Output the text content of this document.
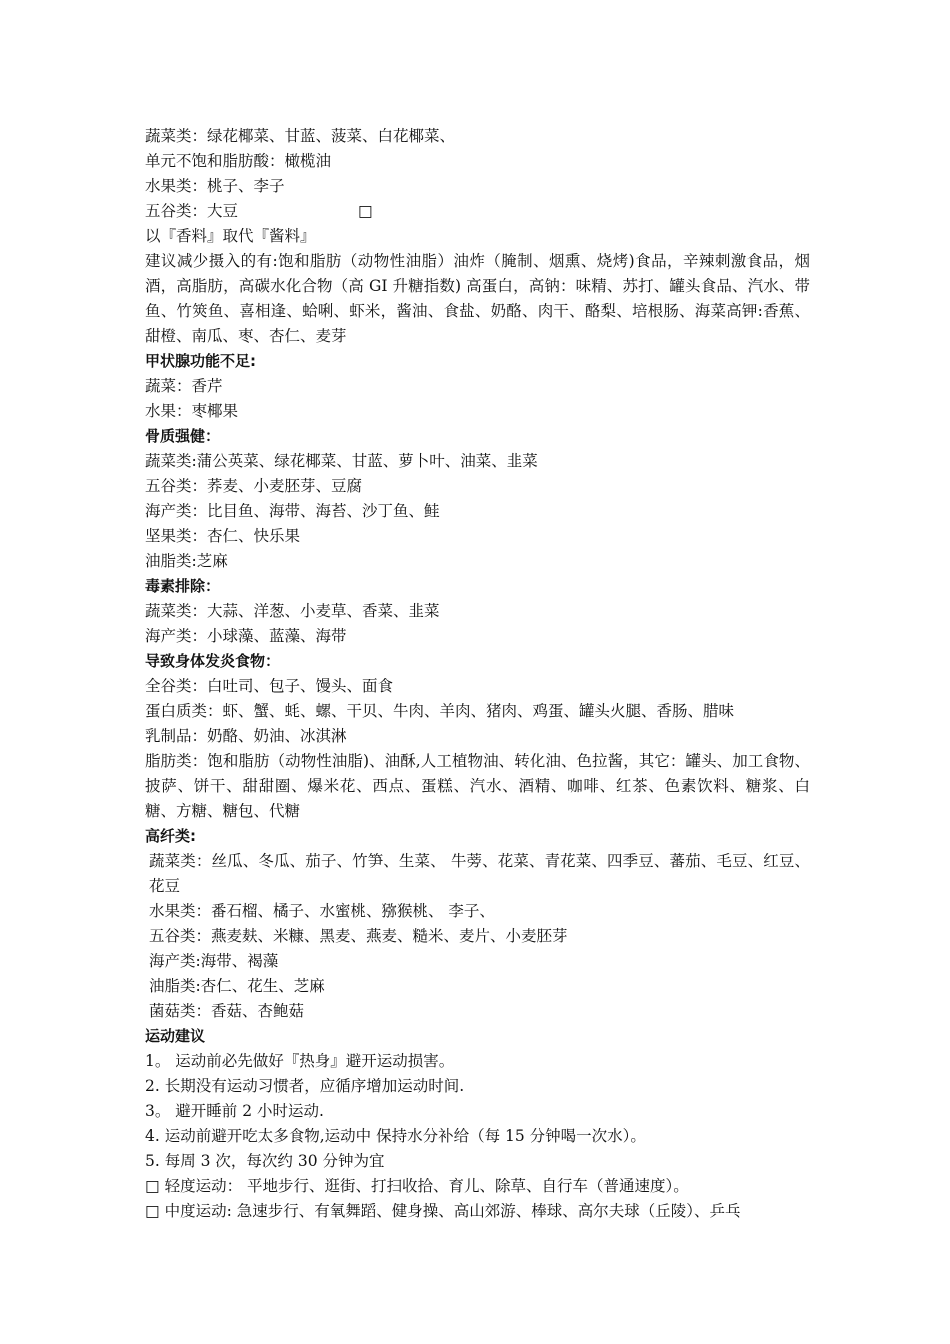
蔬菜类：绿花椰菜、甘蓝、菠菜、白花椰菜、
单元不饱和脂肪酸：橄榄油
水果类：桃子、李子
五谷类：大豆	□
以『香料』取代『酱料』
建议减少摄入的有:饱和脂肪（动物性油脂）油炸（腌制、烟熏、烧烤)食品，辛辣刺激食品，烟酒，高脂肪，高碳水化合物（高 GI 升糖指数) 高蛋白，高钠：味精、苏打、罐头食品、汽水、带鱼、竹筴鱼、喜相逢、蛤唎、虾米，酱油、食盐、奶酪、肉干、酪梨、培根肠、海菜高钾:香蕉、甜橙、南瓜、枣、杏仁、麦芽
甲状腺功能不足:
蔬菜：香芹
水果：枣椰果
骨质强健：
蔬菜类:蒲公英菜、绿花椰菜、甘蓝、萝卜叶、油菜、韭菜
五谷类：荞麦、小麦胚芽、豆腐
海产类：比目鱼、海带、海苔、沙丁鱼、鲑
坚果类：杏仁、快乐果
油脂类:芝麻
毒素排除：
蔬菜类：大蒜、洋葱、小麦草、香菜、韭菜
海产类：小球藻、蓝藻、海带
导致身体发炎食物：
全谷类：白吐司、包子、馒头、面食
蛋白质类：虾、蟹、蚝、螺、干贝、牛肉、羊肉、猪肉、鸡蛋、罐头火腿、香肠、腊味
乳制品：奶酪、奶油、冰淇淋
脂肪类：饱和脂肪（动物性油脂)、油酥,人工植物油、转化油、色拉酱，其它：罐头、加工食物、披萨、饼干、甜甜圈、爆米花、西点、蛋糕、汽水、酒精、咖啡、红茶、色素饮料、糖浆、白糖、方糖、糖包、代糖
高纤类:
蔬菜类：丝瓜、冬瓜、茄子、竹笋、生菜、 牛蒡、花菜、青花菜、四季豆、蕃茄、毛豆、红豆、花豆
水果类：番石榴、橘子、水蜜桃、猕猴桃、 李子、
五谷类：燕麦麸、米糠、黑麦、燕麦、糙米、麦片、小麦胚芽
海产类:海带、褐藻
油脂类:杏仁、花生、芝麻
菌菇类：香菇、杏鲍菇
运动建议
1。 运动前必先做好『热身』避开运动损害。
2. 长期没有运动习惯者，应循序增加运动时间.
3。 避开睡前 2 小时运动.
4. 运动前避开吃太多食物,运动中 保持水分补给（每 15 分钟喝一次水）。
5. 每周 3 次，每次约 30 分钟为宜
□ 轻度运动： 平地步行、逛街、打扫收拾、育儿、除草、自行车（普通速度）。
□ 中度运动: 急速步行、有氧舞蹈、健身操、高山郊游、棒球、高尔夫球（丘陵）、乒乓
